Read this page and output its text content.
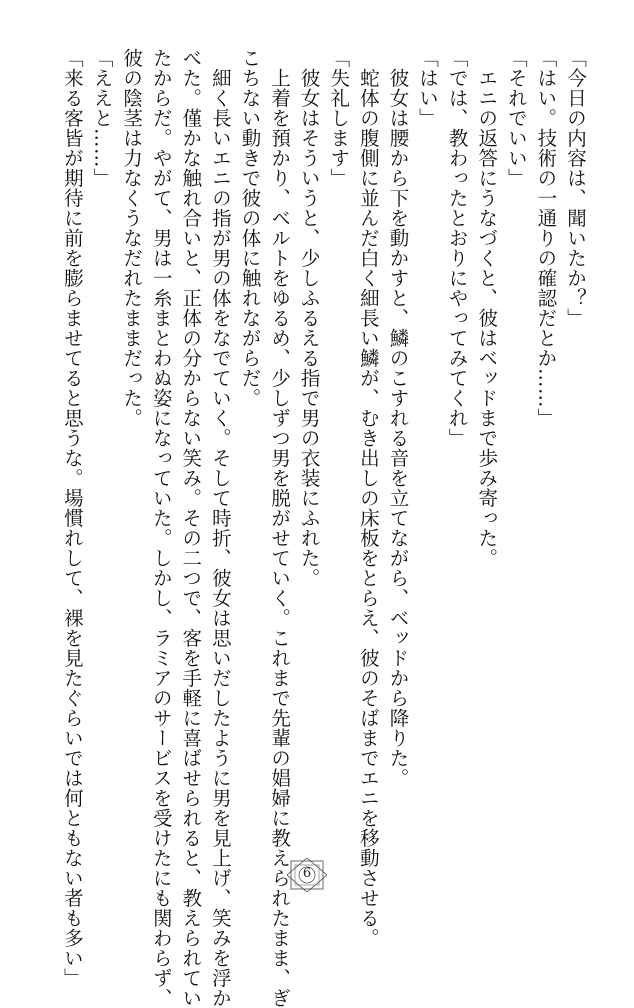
「今日の内容は、聞いたか？」
「はい。技術の一通りの確認だとか……」
「それでいい」
　エニの返答にうなづくと、彼はベッドまで歩み寄った。
「では、教わったとおりにやってみてくれ」
「はい」
　彼女は腰から下を動かすと、鱗のこすれる音を立てながら、ベッドから降りた。
　蛇体の腹側に並んだ白く細長い鱗が、むき出しの床板をとらえ、彼のそばまでエニを移動させる。
「失礼します」
　彼女はそういうと、少しふるえる指で男の衣装にふれた。
　上着を預かり、ベルトをゆるめ、少しずつ男を脱がせていく。これまで先輩の娼婦に教えられたまま、ぎ
こちない動きで彼の体に触れながらだ。
　細く長いエニの指が男の体をなでていく。そして時折、彼女は思いだしたように男を見上げ、笑みを浮か
べた。僅かな触れ合いと、正体の分からない笑み。その二つで、客を手軽に喜ばせられると、教えられてい
たからだ。やがて、男は一糸まとわぬ姿になっていた。しかし、ラミアのサービスを受けたにも関わらず、
彼の陰茎は力なくうなだれたままだった。
「ええと……」
「来る客皆が期待に前を膨らませてると思うな。場慣れして、裸を見たぐらいでは何ともない者も多い」	6
